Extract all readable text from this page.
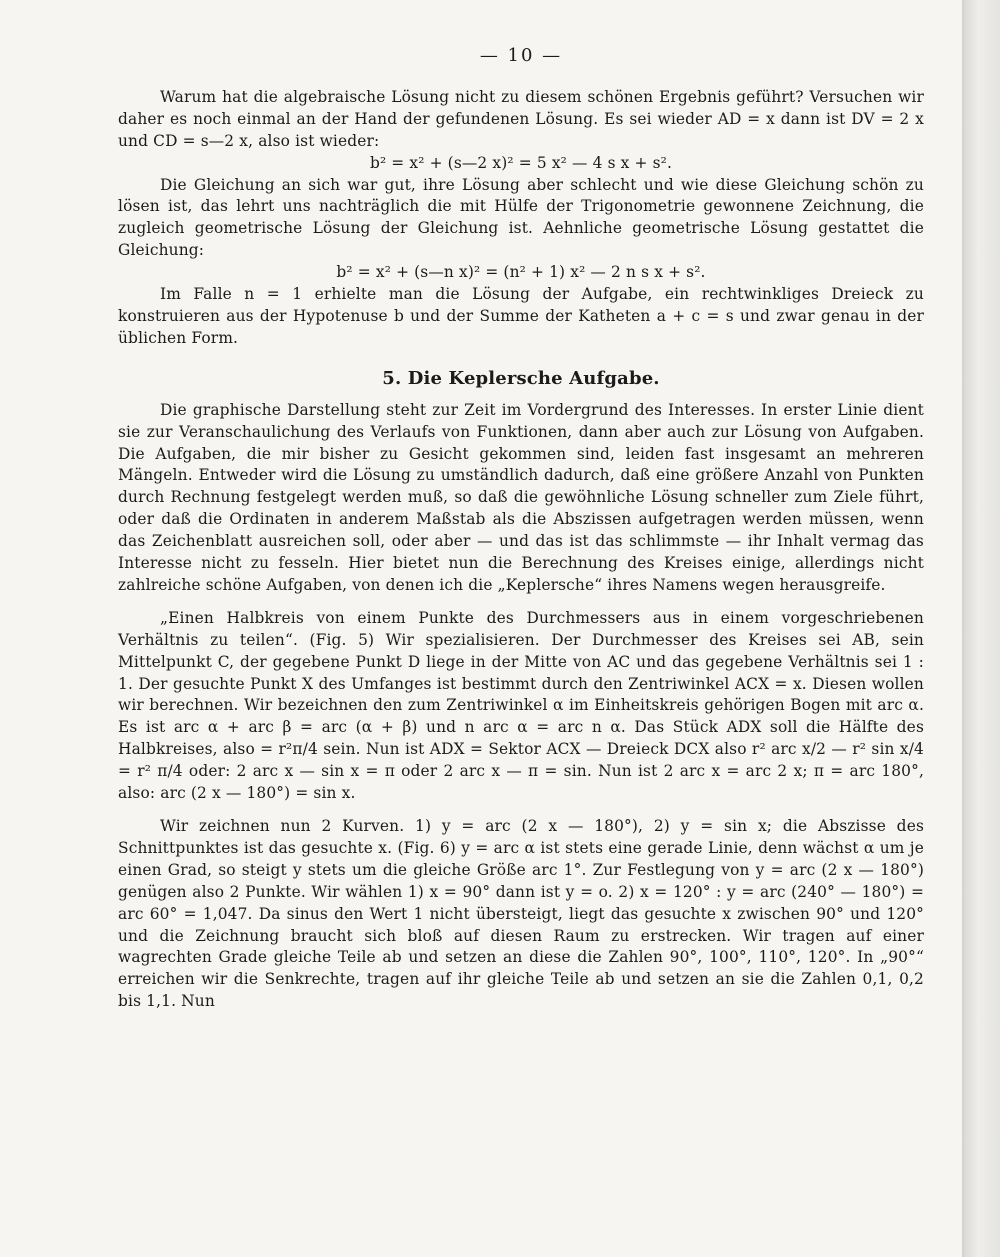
— 10 —

Warum hat die algebraische Lösung nicht zu diesem schönen Ergebnis geführt? Versuchen wir daher es noch einmal an der Hand der gefundenen Lösung. Es sei wieder AD = x dann ist DV = 2 x und CD = s—2 x, also ist wieder:

b² = x² + (s—2 x)² = 5 x² — 4 s x + s².

Die Gleichung an sich war gut, ihre Lösung aber schlecht und wie diese Gleichung schön zu lösen ist, das lehrt uns nachträglich die mit Hülfe der Trigonometrie gewonnene Zeichnung, die zugleich geometrische Lösung der Gleichung ist. Aehnliche geometrische Lösung gestattet die Gleichung:

b² = x² + (s—n x)² = (n² + 1) x² — 2 n s x + s².

Im Falle n = 1 erhielte man die Lösung der Aufgabe, ein rechtwinkliges Dreieck zu konstruieren aus der Hypotenuse b und der Summe der Katheten a + c = s und zwar genau in der üblichen Form.

5. Die Keplersche Aufgabe.

Die graphische Darstellung steht zur Zeit im Vordergrund des Interesses. In erster Linie dient sie zur Veranschaulichung des Verlaufs von Funktionen, dann aber auch zur Lösung von Aufgaben. Die Aufgaben, die mir bisher zu Gesicht gekommen sind, leiden fast insgesamt an mehreren Mängeln. Entweder wird die Lösung zu umständlich dadurch, daß eine größere Anzahl von Punkten durch Rechnung festgelegt werden muß, so daß die gewöhnliche Lösung schneller zum Ziele führt, oder daß die Ordinaten in anderem Maßstab als die Abszissen aufgetragen werden müssen, wenn das Zeichenblatt ausreichen soll, oder aber — und das ist das schlimmste — ihr Inhalt vermag das Interesse nicht zu fesseln. Hier bietet nun die Berechnung des Kreises einige, allerdings nicht zahlreiche schöne Aufgaben, von denen ich die „Keplersche“ ihres Namens wegen herausgreife.

„Einen Halbkreis von einem Punkte des Durchmessers aus in einem vorgeschriebenen Verhältnis zu teilen“. (Fig. 5) Wir spezialisieren. Der Durchmesser des Kreises sei AB, sein Mittelpunkt C, der gegebene Punkt D liege in der Mitte von AC und das gegebene Verhältnis sei 1 : 1. Der gesuchte Punkt X des Umfanges ist bestimmt durch den Zentriwinkel ACX = x. Diesen wollen wir berechnen. Wir bezeichnen den zum Zentriwinkel α im Einheitskreis gehörigen Bogen mit arc α. Es ist arc α + arc β = arc (α + β) und n arc α = arc n α. Das Stück ADX soll die Hälfte des Halbkreises, also = r²π/4 sein. Nun ist ADX = Sektor ACX — Dreieck DCX also r² arc x/2 — r² sin x/4 = r² π/4 oder: 2 arc x — sin x = π oder 2 arc x — π = sin. Nun ist 2 arc x = arc 2 x; π = arc 180°, also: arc (2 x — 180°) = sin x.

Wir zeichnen nun 2 Kurven. 1) y = arc (2 x — 180°), 2) y = sin x; die Abszisse des Schnittpunktes ist das gesuchte x. (Fig. 6) y = arc α ist stets eine gerade Linie, denn wächst α um je einen Grad, so steigt y stets um die gleiche Größe arc 1°. Zur Festlegung von y = arc (2 x — 180°) genügen also 2 Punkte. Wir wählen 1) x = 90° dann ist y = o. 2) x = 120° : y = arc (240° — 180°) = arc 60° = 1,047. Da sinus den Wert 1 nicht übersteigt, liegt das gesuchte x zwischen 90° und 120° und die Zeichnung braucht sich bloß auf diesen Raum zu erstrecken. Wir tragen auf einer wagrechten Grade gleiche Teile ab und setzen an diese die Zahlen 90°, 100°, 110°, 120°. In „90°“ erreichen wir die Senkrechte, tragen auf ihr gleiche Teile ab und setzen an sie die Zahlen 0,1, 0,2 bis 1,1. Nun
